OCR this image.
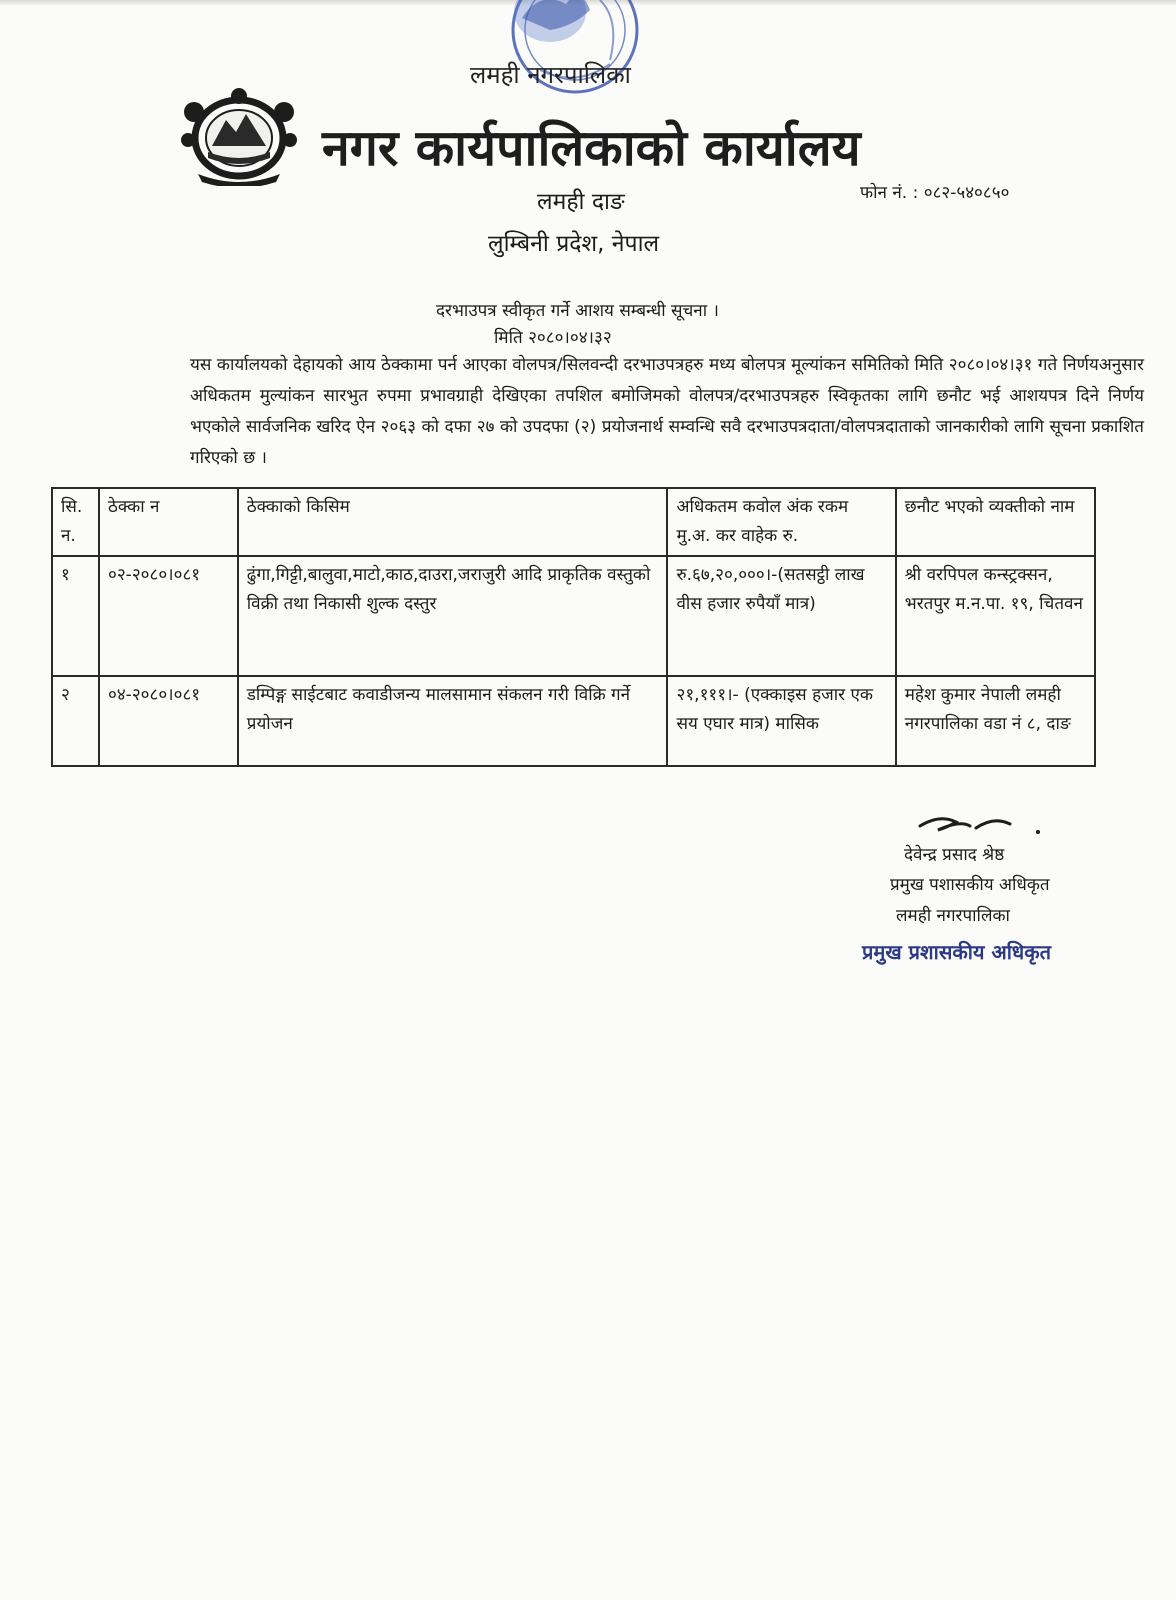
लमही नगरपालिका
नगर कार्यपालिकाको कार्यालय
लमही दाङ	फोन नं. : ०८२-५४०८५०
लुम्बिनी प्रदेश, नेपाल
दरभाउपत्र स्वीकृत गर्ने आशय सम्बन्धी सूचना ।
मिति २०८०।०४।३२
यस कार्यालयको देहायको आय ठेक्कामा पर्न आएका वोलपत्र/सिलवन्दी दरभाउपत्रहरु मध्य बोलपत्र मूल्यांकन समितिको मिति २०८०।०४।३१ गते निर्णयअनुसार अधिकतम मुल्यांकन सारभुत रुपमा प्रभावग्राही देखिएका तपशिल बमोजिमको वोलपत्र/दरभाउपत्रहरु स्विकृतका लागि छनौट भई आशयपत्र दिने निर्णय भएकोले सार्वजनिक खरिद ऐन २०६३ को दफा २७ को उपदफा (२) प्रयोजनार्थ सम्वन्धि सवै दरभाउपत्रदाता/वोलपत्रदाताको जानकारीको लागि सूचना प्रकाशित गरिएको छ ।
सि. न.	ठेक्का न	ठेक्काको किसिम	अधिकतम कवोल अंक रकम मु.अ. कर वाहेक रु.	छनौट भएको व्यक्तीको नाम
१	०२-२०८०।०८१	ढुंगा,गिट्टी,बालुवा,माटो,काठ,दाउरा,जराजुरी आदि प्राकृतिक वस्तुको विक्री तथा निकासी शुल्क दस्तुर	रु.६७,२०,०००।-(सतसट्ठी लाख वीस हजार रुपैयाँ मात्र)	श्री वरपिपल कन्स्ट्रक्सन, भरतपुर म.न.पा. १९, चितवन
२	०४-२०८०।०८१	डम्पिङ्ग साईटबाट कवाडीजन्य मालसामान संकलन गरी विक्रि गर्ने प्रयोजन	२१,१११।- (एक्काइस हजार एक सय एघार मात्र) मासिक	महेश कुमार नेपाली लमही नगरपालिका वडा नं ८, दाङ
देवेन्द्र प्रसाद श्रेष्ठ
प्रमुख पशासकीय अधिकृत
लमही नगरपालिका
प्रमुख प्रशासकीय अधिकृत
